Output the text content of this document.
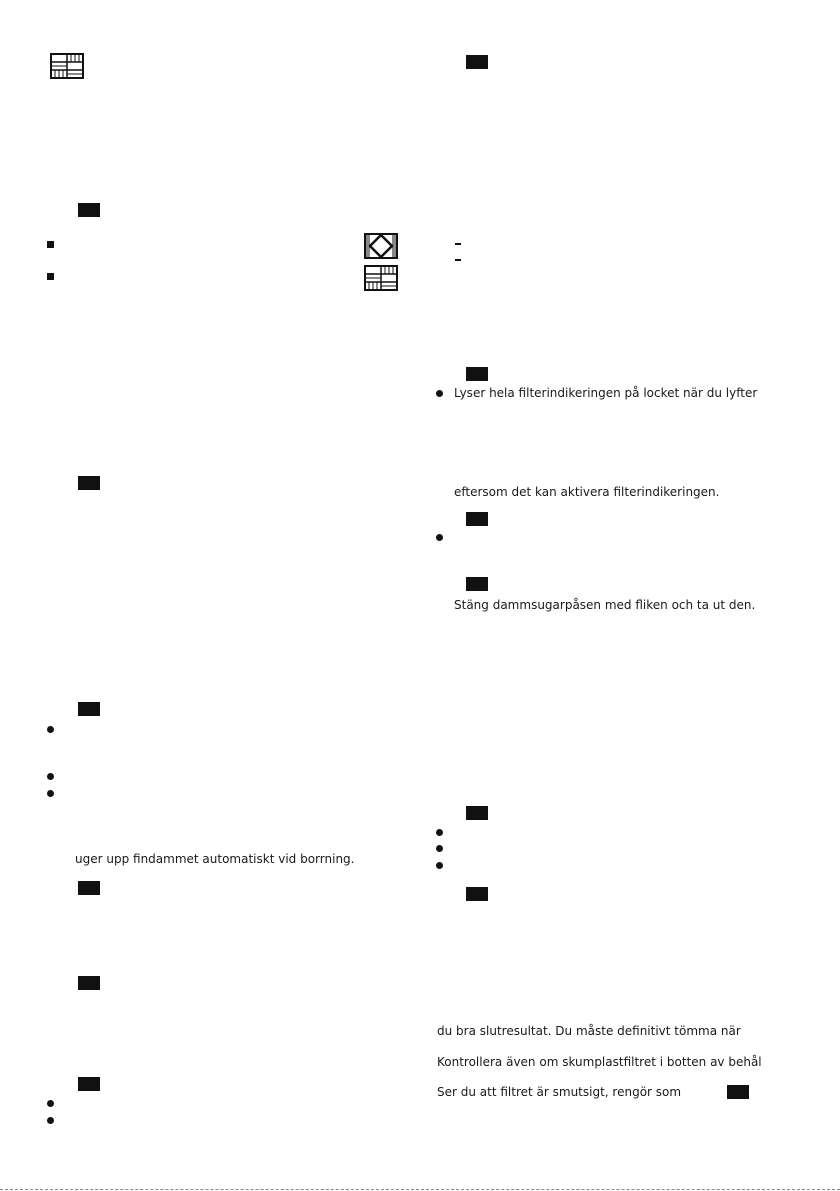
uger upp findammet automatiskt vid borrning.
Lyser hela filterindikeringen på locket när du lyfter
eftersom det kan aktivera filterindikeringen.
Stäng dammsugarpåsen med fliken och ta ut den.
du bra slutresultat. Du måste definitivt tömma när
Kontrollera även om skumplastfiltret i botten av behål
Ser du att filtret är smutsigt, rengör som
